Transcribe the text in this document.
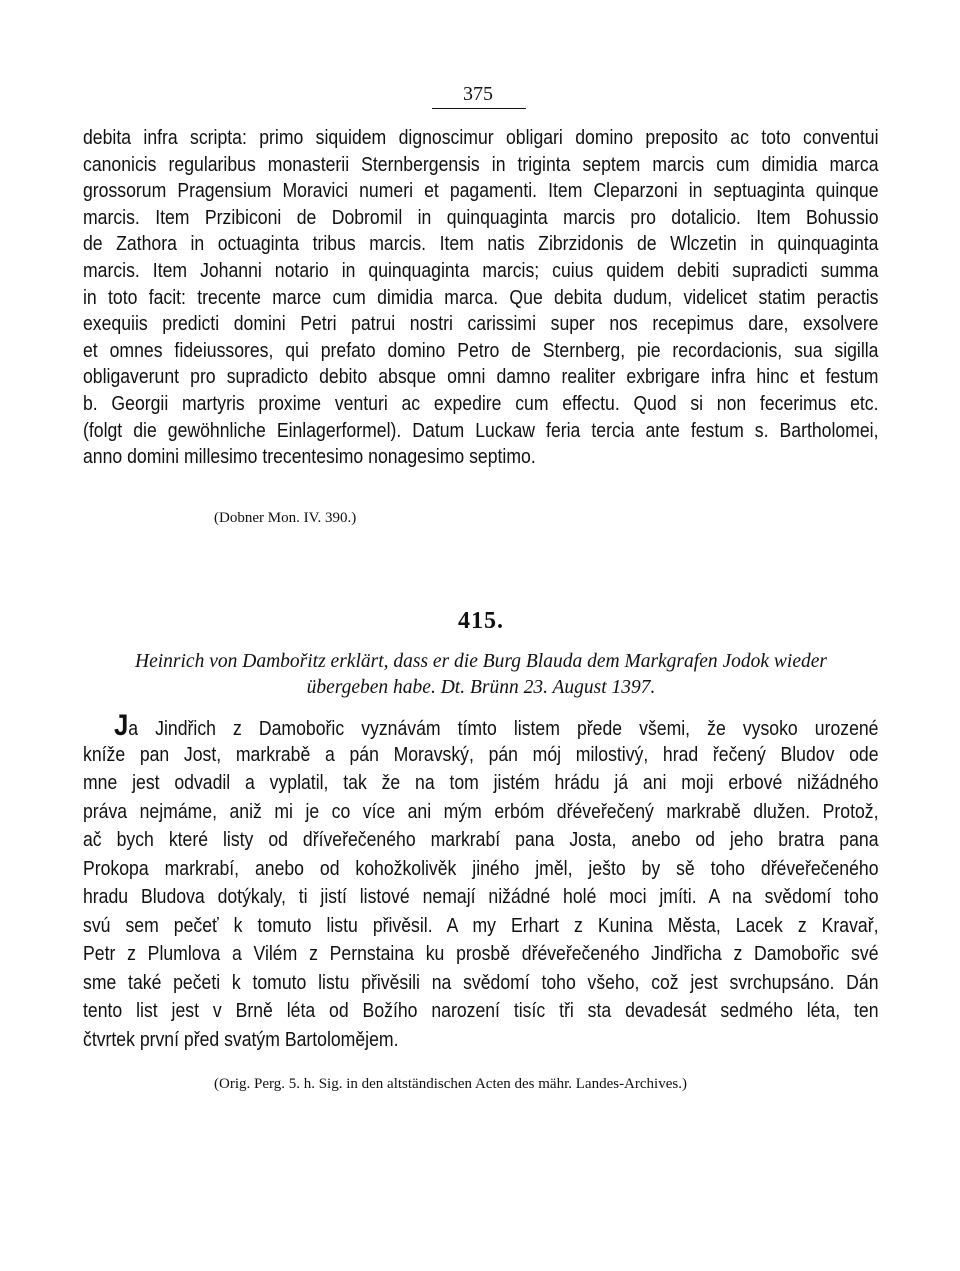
375
debita infra scripta: primo siquidem dignoscimur obligari domino preposito ac toto conventui
canonicis regularibus monasterii Sternbergensis in triginta septem marcis cum dimidia marca
grossorum Pragensium Moravici numeri et pagamenti. Item Cleparzoni in septuaginta quinque
marcis. Item Przibiconi de Dobromil in quinquaginta marcis pro dotalicio. Item Bohussio
de Zathora in octuaginta tribus marcis. Item natis Zibrzidonis de Wlczetin in quinquaginta
marcis. Item Johanni notario in quinquaginta marcis; cuius quidem debiti supradicti summa
in toto facit: trecente marce cum dimidia marca. Que debita dudum, videlicet statim peractis
exequiis predicti domini Petri patrui nostri carissimi super nos recepimus dare, exsolvere
et omnes fideiussores, qui prefato domino Petro de Sternberg, pie recordacionis, sua sigilla
obligaverunt pro supradicto debito absque omni damno realiter exbrigare infra hinc et festum
b. Georgii martyris proxime venturi ac expedire cum effectu. Quod si non fecerimus etc.
(folgt die gewöhnliche Einlagerformel). Datum Luckaw feria tercia ante festum s. Bartholomei,
anno domini millesimo trecentesimo nonagesimo septimo.
(Dobner Mon. IV. 390.)
415.
Heinrich von Dambořitz erklärt, dass er die Burg Blauda dem Markgrafen Jodok wieder
übergeben habe. Dt. Brünn 23. August 1397.
Ja Jindřich z Damobořic vyznávám tímto listem přede všemi, že vysoko urozené
kníže pan Jost, markrabě a pán Moravský, pán mój milostivý, hrad řečený Bludov ode
mne jest odvadil a vyplatil, tak že na tom jistém hrádu já ani moji erbové nižádného
práva nejmáme, aniž mi je co více ani mým erbóm dřéveřečený markrabě dlužen. Protož,
ač bych které listy od dříveřečeného markrabí pana Josta, anebo od jeho bratra pana
Prokopa markrabí, anebo od kohožkolivěk jiného jměl, ješto by sě toho dřéveřečeného
hradu Bludova dotýkaly, ti jistí listové nemají nižádné holé moci jmíti. A na svědomí toho
svú sem pečeť k tomuto listu přivěsil. A my Erhart z Kunina Města, Lacek z Kravař,
Petr z Plumlova a Vilém z Pernstaina ku prosbě dřéveřečeného Jindřicha z Damobořic své
sme také pečeti k tomuto listu přivěsili na svědomí toho všeho, což jest svrchupsáno. Dán
tento list jest v Brně léta od Božího narození tisíc tři sta devadesát sedmého léta, ten
čtvrtek první před svatým Bartolomějem.
(Orig. Perg. 5. h. Sig. in den altständischen Acten des mähr. Landes-Archives.)
